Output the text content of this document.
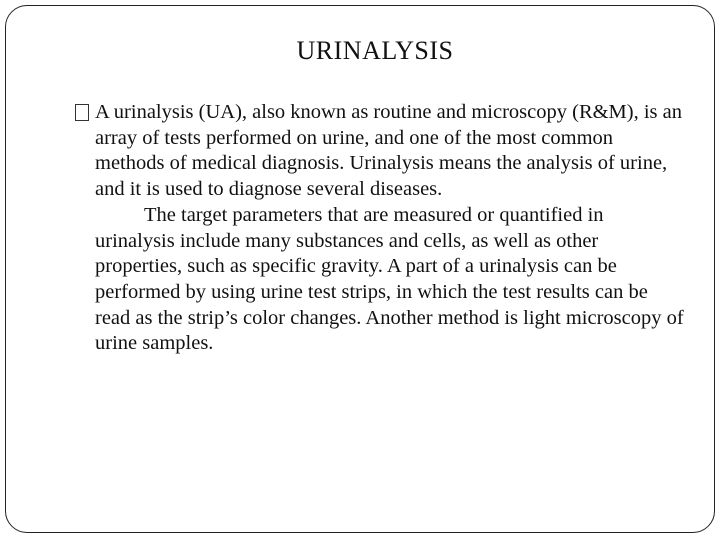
URINALYSIS

A urinalysis (UA), also known as routine and microscopy (R&M), is an array of tests performed on urine, and one of the most common methods of medical diagnosis. Urinalysis means the analysis of urine, and it is used to diagnose several diseases.

The target parameters that are measured or quantified in urinalysis include many substances and cells, as well as other properties, such as specific gravity. A part of a urinalysis can be performed by using urine test strips, in which the test results can be read as the strip’s color changes. Another method is light microscopy of urine samples.
